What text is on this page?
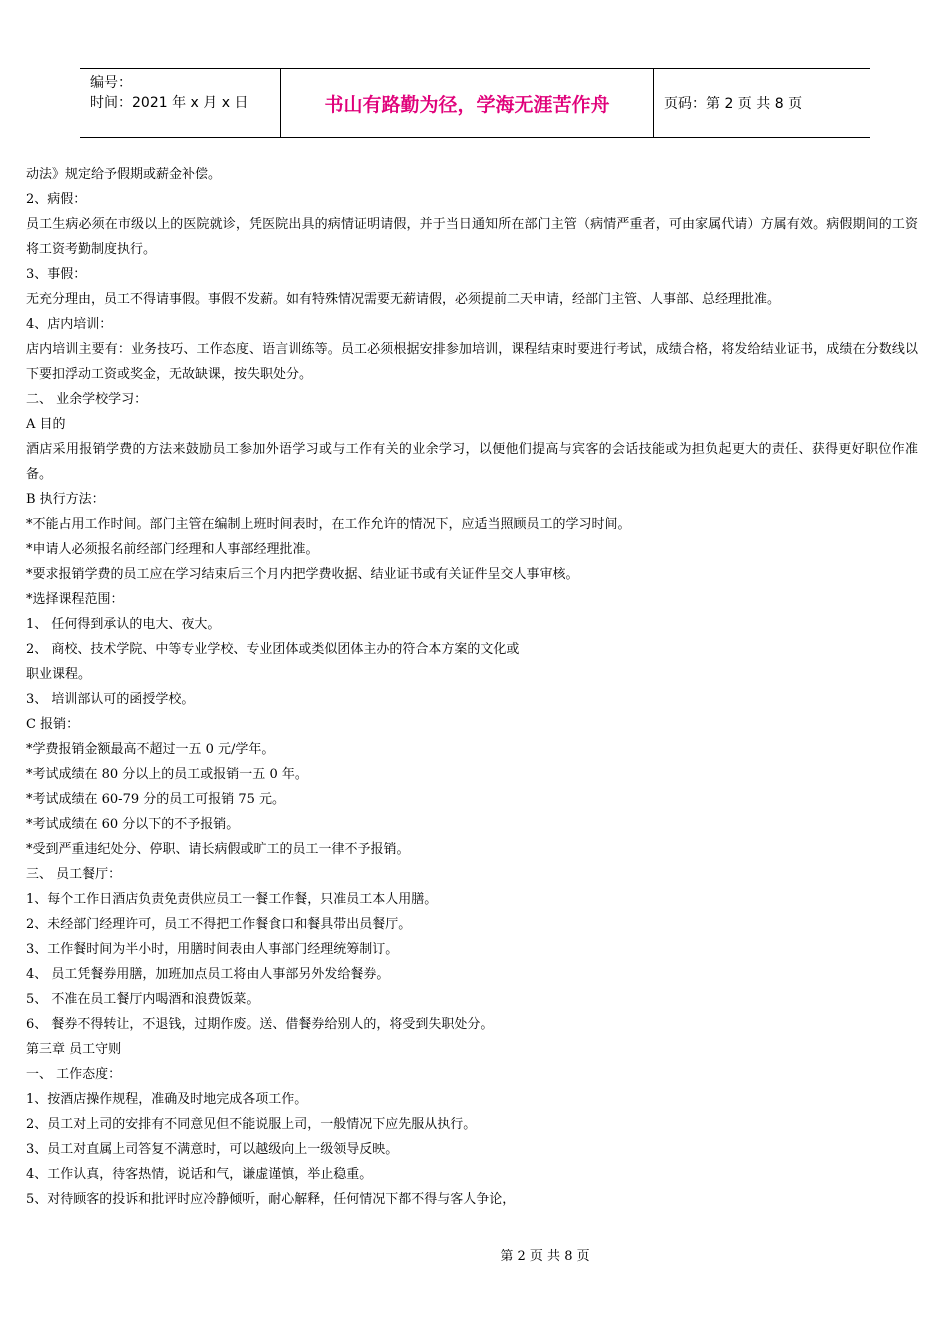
编号：
时间：2021 年 x 月 x 日	书山有路勤为径，学海无涯苦作舟	页码：第 2 页 共 8 页

动法》规定给予假期或薪金补偿。

2、病假：

员工生病必须在市级以上的医院就诊，凭医院出具的病情证明请假，并于当日通知所在部门主管（病情严重者，可由家属代请）方属有效。病假期间的工资将工资考勤制度执行。

3、事假：

无充分理由，员工不得请事假。事假不发薪。如有特殊情况需要无薪请假，必须提前二天申请，经部门主管、人事部、总经理批准。

4、店内培训：

店内培训主要有：业务技巧、工作态度、语言训练等。员工必须根据安排参加培训，课程结束时要进行考试，成绩合格，将发给结业证书，成绩在分数线以下要扣浮动工资或奖金，无故缺课，按失职处分。

二、 业余学校学习：

A 目的

酒店采用报销学费的方法来鼓励员工参加外语学习或与工作有关的业余学习，以便他们提高与宾客的会话技能或为担负起更大的责任、获得更好职位作准备。

B 执行方法：

*不能占用工作时间。部门主管在编制上班时间表时，在工作允许的情况下，应适当照顾员工的学习时间。

*申请人必须报名前经部门经理和人事部经理批准。

*要求报销学费的员工应在学习结束后三个月内把学费收据、结业证书或有关证件呈交人事审核。

*选择课程范围：

1、 任何得到承认的电大、夜大。

2、 商校、技术学院、中等专业学校、专业团体或类似团体主办的符合本方案的文化或

职业课程。

3、 培训部认可的函授学校。

C 报销：

*学费报销金额最高不超过一五 0 元/学年。

*考试成绩在 80 分以上的员工或报销一五 0 年。

*考试成绩在 60-79 分的员工可报销 75 元。

*考试成绩在 60 分以下的不予报销。

*受到严重违纪处分、停职、请长病假或旷工的员工一律不予报销。

三、 员工餐厅：

1、每个工作日酒店负责免责供应员工一餐工作餐，只准员工本人用膳。

2、未经部门经理许可，员工不得把工作餐食口和餐具带出员餐厅。

3、工作餐时间为半小时，用膳时间表由人事部门经理统筹制订。

4、 员工凭餐券用膳，加班加点员工将由人事部另外发给餐券。

5、 不准在员工餐厅内喝酒和浪费饭菜。

6、 餐券不得转让，不退钱，过期作废。送、借餐券给别人的，将受到失职处分。

第三章 员工守则

一、 工作态度：

1、按酒店操作规程，准确及时地完成各项工作。

2、员工对上司的安排有不同意见但不能说服上司，一般情况下应先服从执行。

3、员工对直属上司答复不满意时，可以越级向上一级领导反映。

4、工作认真，待客热情，说话和气，谦虚谨慎，举止稳重。

5、对待顾客的投诉和批评时应冷静倾听，耐心解释，任何情况下都不得与客人争论，

第 2 页 共 8 页
